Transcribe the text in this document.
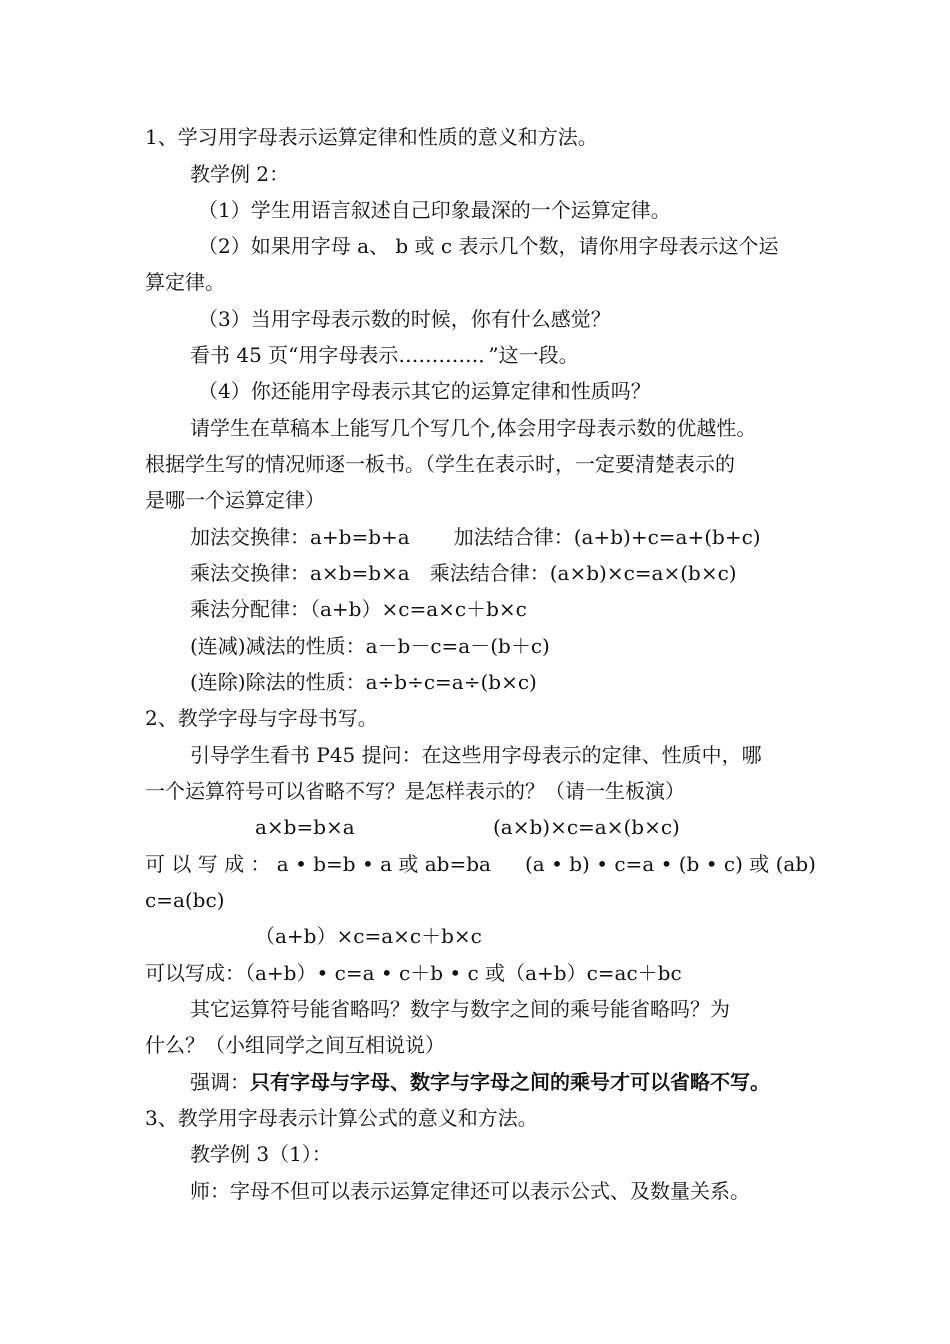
1、学习用字母表示运算定律和性质的意义和方法。
教学例 2：
（1）学生用语言叙述自己印象最深的一个运算定律。
（2）如果用字母 a、 b 或 c 表示几个数，请你用字母表示这个运
算定律。
（3）当用字母表示数的时候，你有什么感觉？
看书 45 页“用字母表示…………．”这一段。
（4）你还能用字母表示其它的运算定律和性质吗？
请学生在草稿本上能写几个写几个,体会用字母表示数的优越性。
根据学生写的情况师逐一板书。（学生在表示时，一定要清楚表示的
是哪一个运算定律）
加法交换律：a+b=b+a 加法结合律：(a+b)+c=a+(b+c)
乘法交换律：a×b=b×a 乘法结合律：(a×b)×c=a×(b×c)
乘法分配律：（a+b）×c=a×c＋b×c
(连减)减法的性质：a－b－c=a－(b＋c)
(连除)除法的性质：a÷b÷c=a÷(b×c)
2、教学字母与字母书写。
引导学生看书 P45 提问：在这些用字母表示的定律、性质中，哪
一个运算符号可以省略不写？是怎样表示的？（请一生板演）
a×b=b×a	(a×b)×c=a×(b×c)
可 以 写 成 ： a • b=b • a 或 ab=ba (a • b) • c=a • (b • c) 或 (ab)
c=a(bc)
（a+b）×c=a×c＋b×c
可以写成：（a+b）• c=a • c＋b • c 或（a+b）c=ac＋bc
其它运算符号能省略吗？数字与数字之间的乘号能省略吗？为
什么？（小组同学之间互相说说）
强调：只有字母与字母、数字与字母之间的乘号才可以省略不写。
3、教学用字母表示计算公式的意义和方法。
教学例 3（1）：
师：字母不但可以表示运算定律还可以表示公式、及数量关系。
